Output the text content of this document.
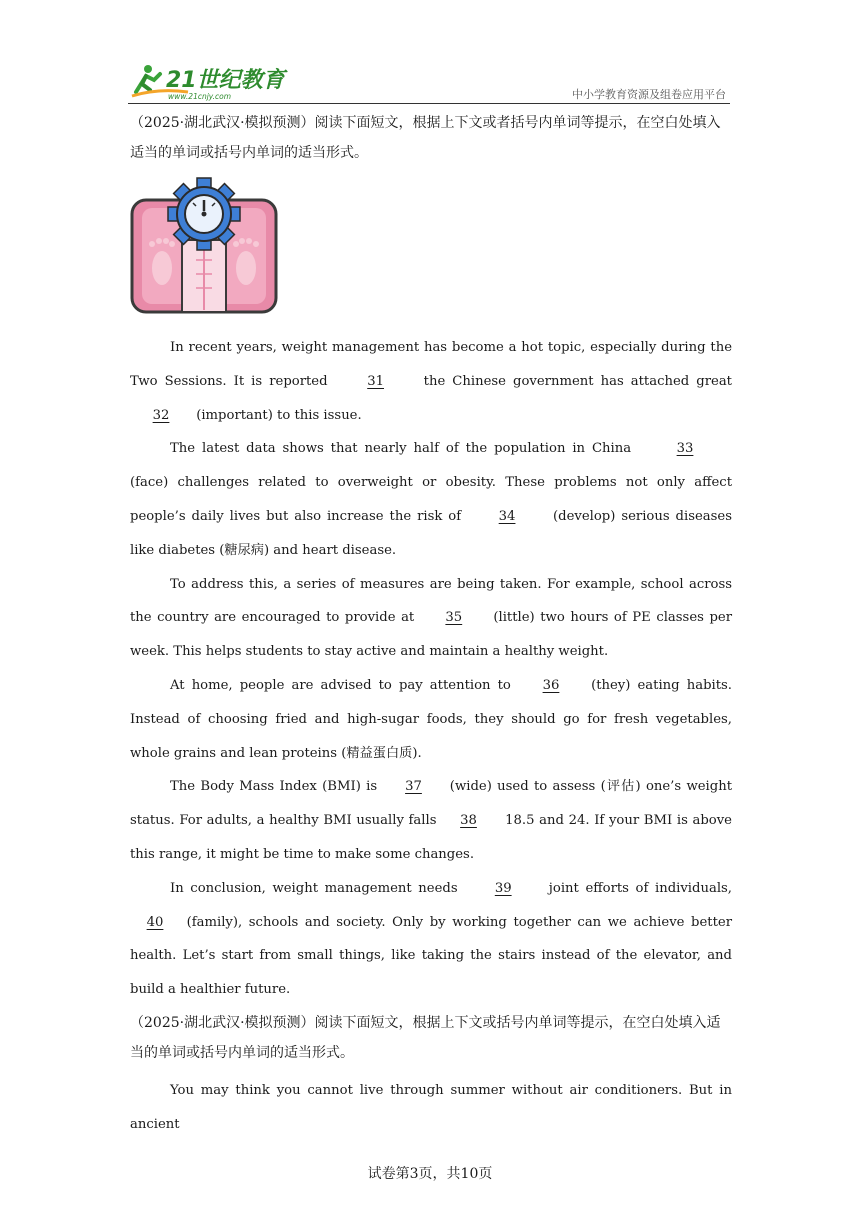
21世纪教育
www.21cnjy.com	中小学教育资源及组卷应用平台

（2025·湖北武汉·模拟预测）阅读下面短文，根据上下文或者括号内单词等提示，在空白处填入适当的单词或括号内单词的适当形式。

In recent years, weight management has become a hot topic, especially during the Two Sessions. It is reported 31 the Chinese government has attached great 32 (important) to this issue.

The latest data shows that nearly half of the population in China	33 (face) challenges related to overweight or obesity. These problems not only affect people’s daily lives but also increase the risk of 34 (develop) serious diseases like diabetes (糖尿病) and heart disease.

To address this, a series of measures are being taken. For example, school across the country are encouraged to provide at 35 (little) two hours of PE classes per week. This helps students to stay active and maintain a healthy weight.

At home, people are advised to pay attention to 36 (they) eating habits. Instead of choosing fried and high-sugar foods, they should go for fresh vegetables, whole grains and lean proteins (精益蛋白质).

The Body Mass Index (BMI) is 37 (wide) used to assess (评估) one’s weight status. For adults, a healthy BMI usually falls 38 18.5 and 24. If your BMI is above this range, it might be time to make some changes.

In conclusion, weight management needs 39 joint efforts of individuals, 40 (family), schools and society. Only by working together can we achieve better health. Let’s start from small things, like taking the stairs instead of the elevator, and build a healthier future.

（2025·湖北武汉·模拟预测）阅读下面短文，根据上下文或括号内单词等提示，在空白处填入适当的单词或括号内单词的适当形式。

You may think you cannot live through summer without air conditioners. But in ancient

试卷第3页，共10页
